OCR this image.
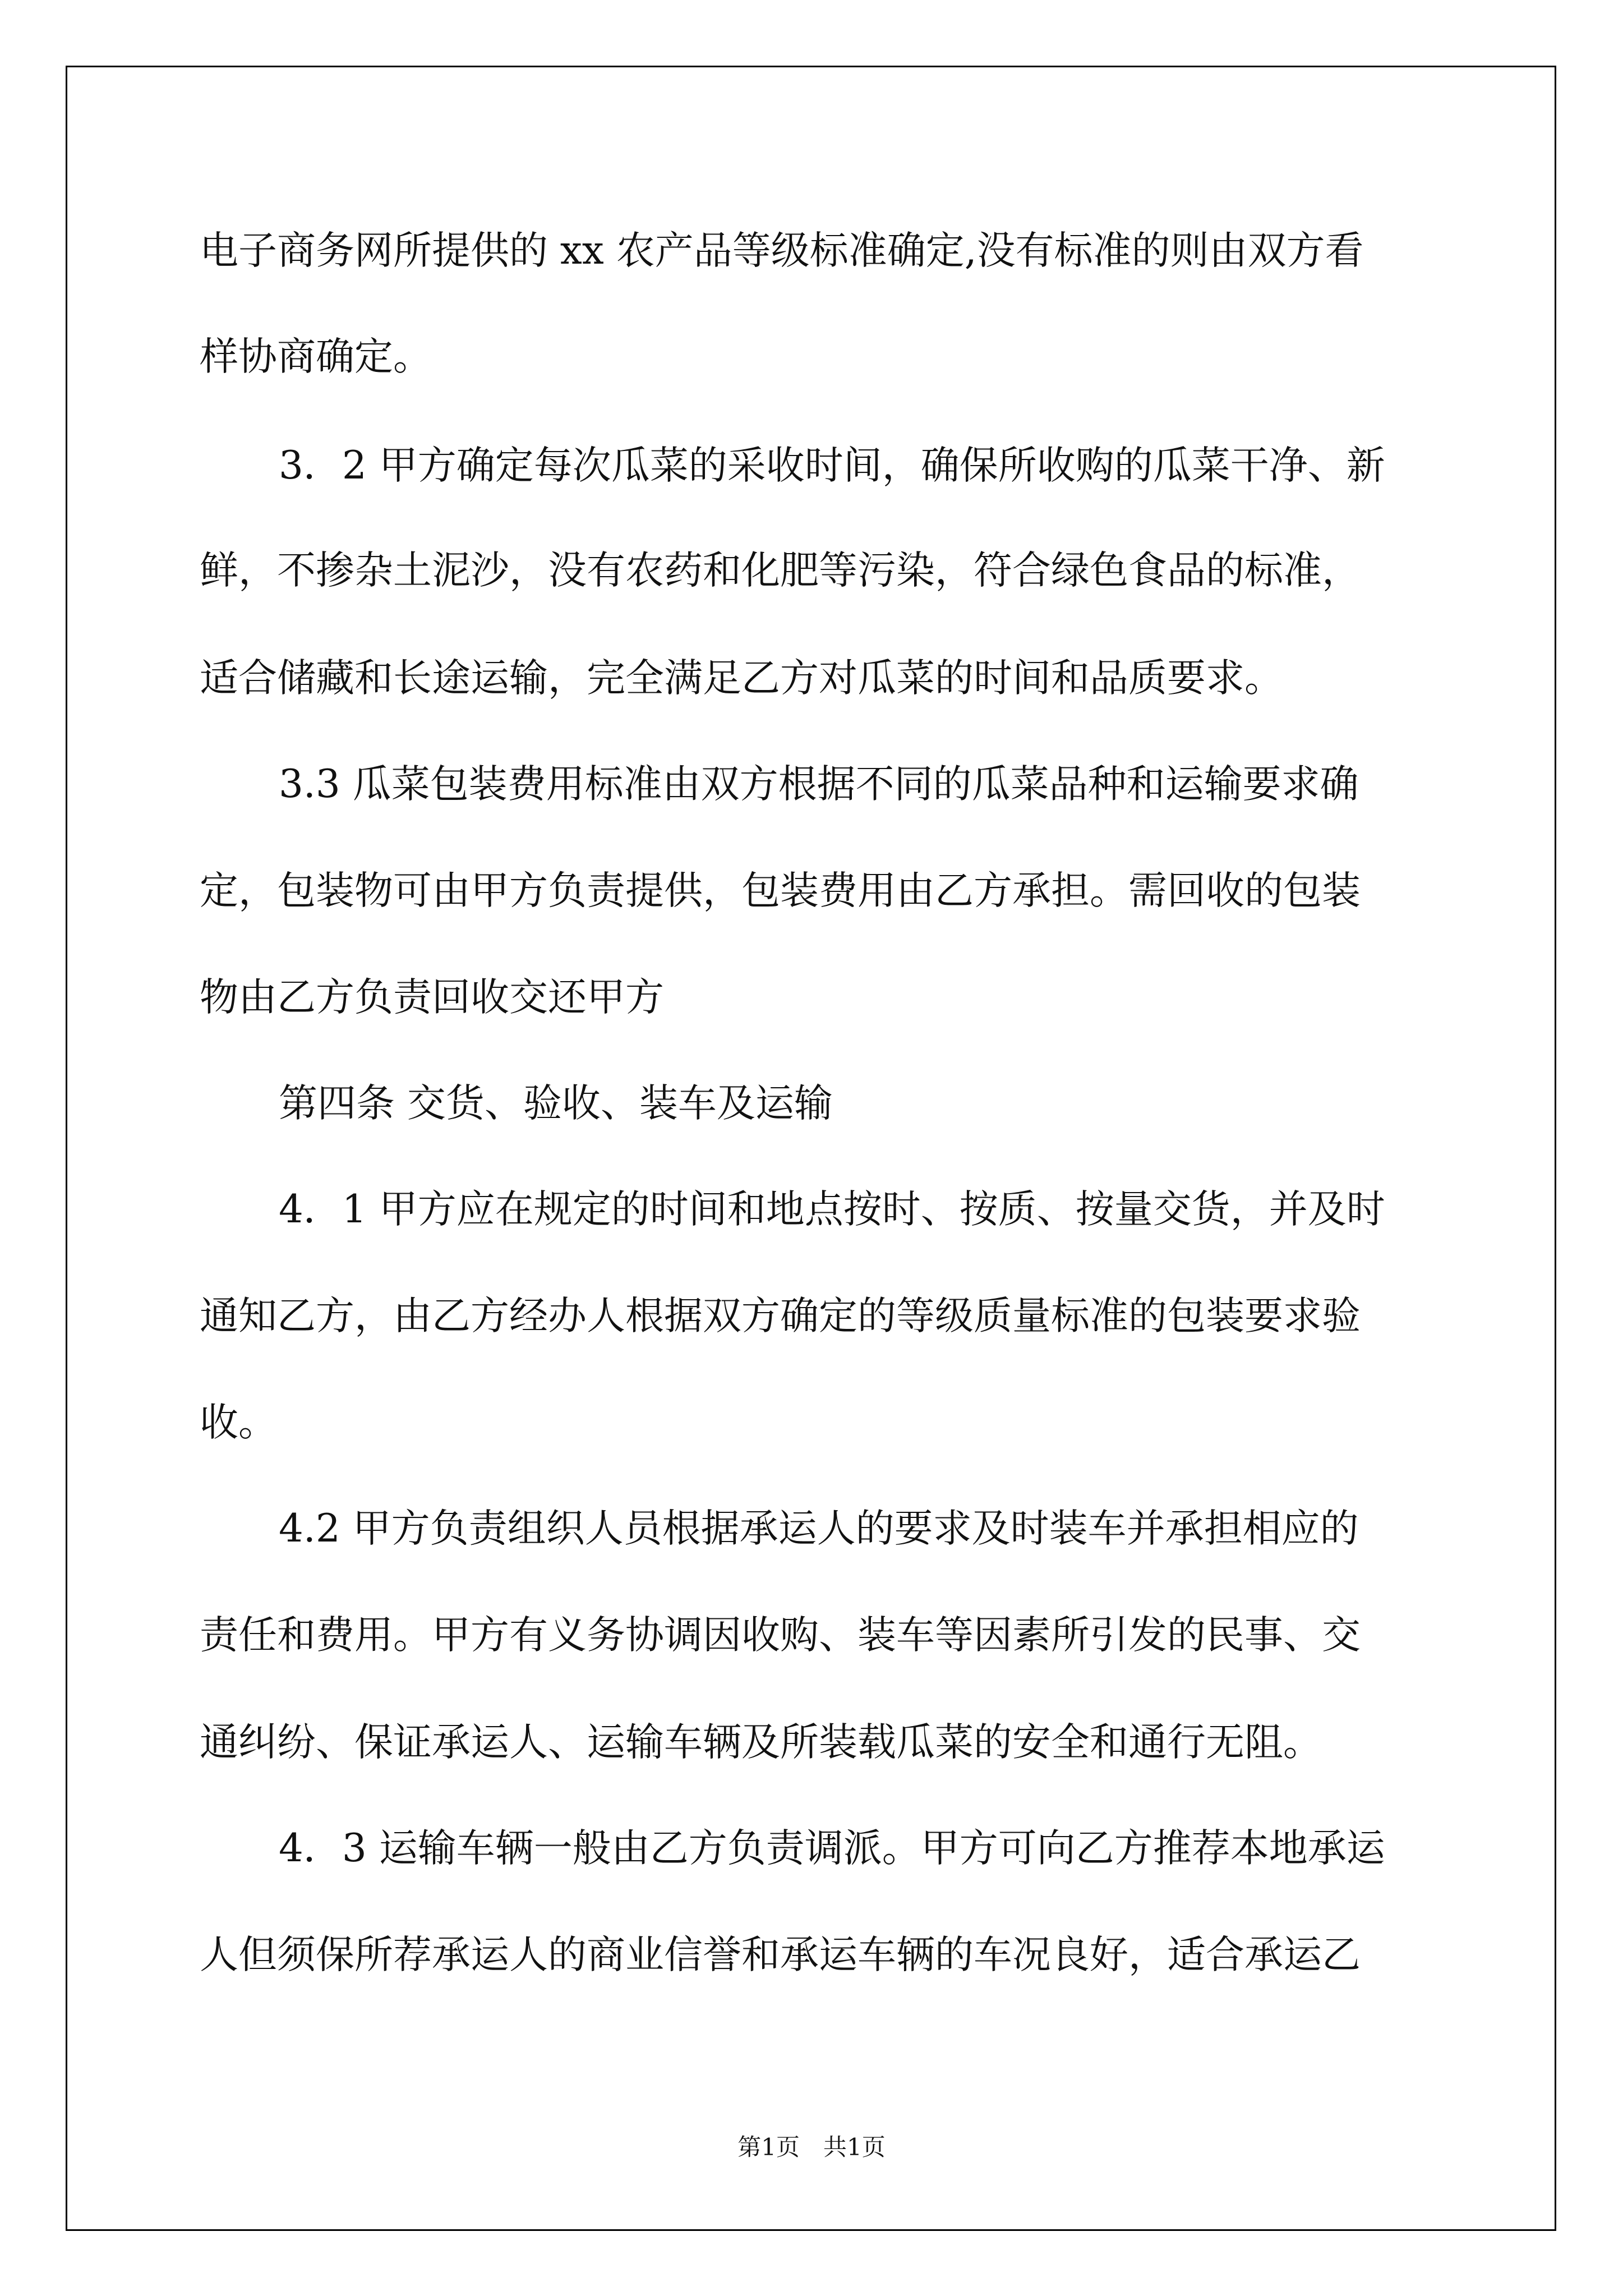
电子商务网所提供的 xx 农产品等级标准确定,没有标准的则由双方看
样协商确定。
3．2 甲方确定每次瓜菜的采收时间，确保所收购的瓜菜干净、新
鲜，不掺杂土泥沙，没有农药和化肥等污染，符合绿色食品的标准，
适合储藏和长途运输，完全满足乙方对瓜菜的时间和品质要求。
3.3 瓜菜包装费用标准由双方根据不同的瓜菜品种和运输要求确
定，包装物可由甲方负责提供，包装费用由乙方承担。需回收的包装
物由乙方负责回收交还甲方
第四条 交货、验收、装车及运输
4．1 甲方应在规定的时间和地点按时、按质、按量交货，并及时
通知乙方，由乙方经办人根据双方确定的等级质量标准的包装要求验
收。
4.2 甲方负责组织人员根据承运人的要求及时装车并承担相应的
责任和费用。甲方有义务协调因收购、装车等因素所引发的民事、交
通纠纷、保证承运人、运输车辆及所装载瓜菜的安全和通行无阻。
4．3 运输车辆一般由乙方负责调派。甲方可向乙方推荐本地承运
人但须保所荐承运人的商业信誉和承运车辆的车况良好，适合承运乙
第1页　共1页
